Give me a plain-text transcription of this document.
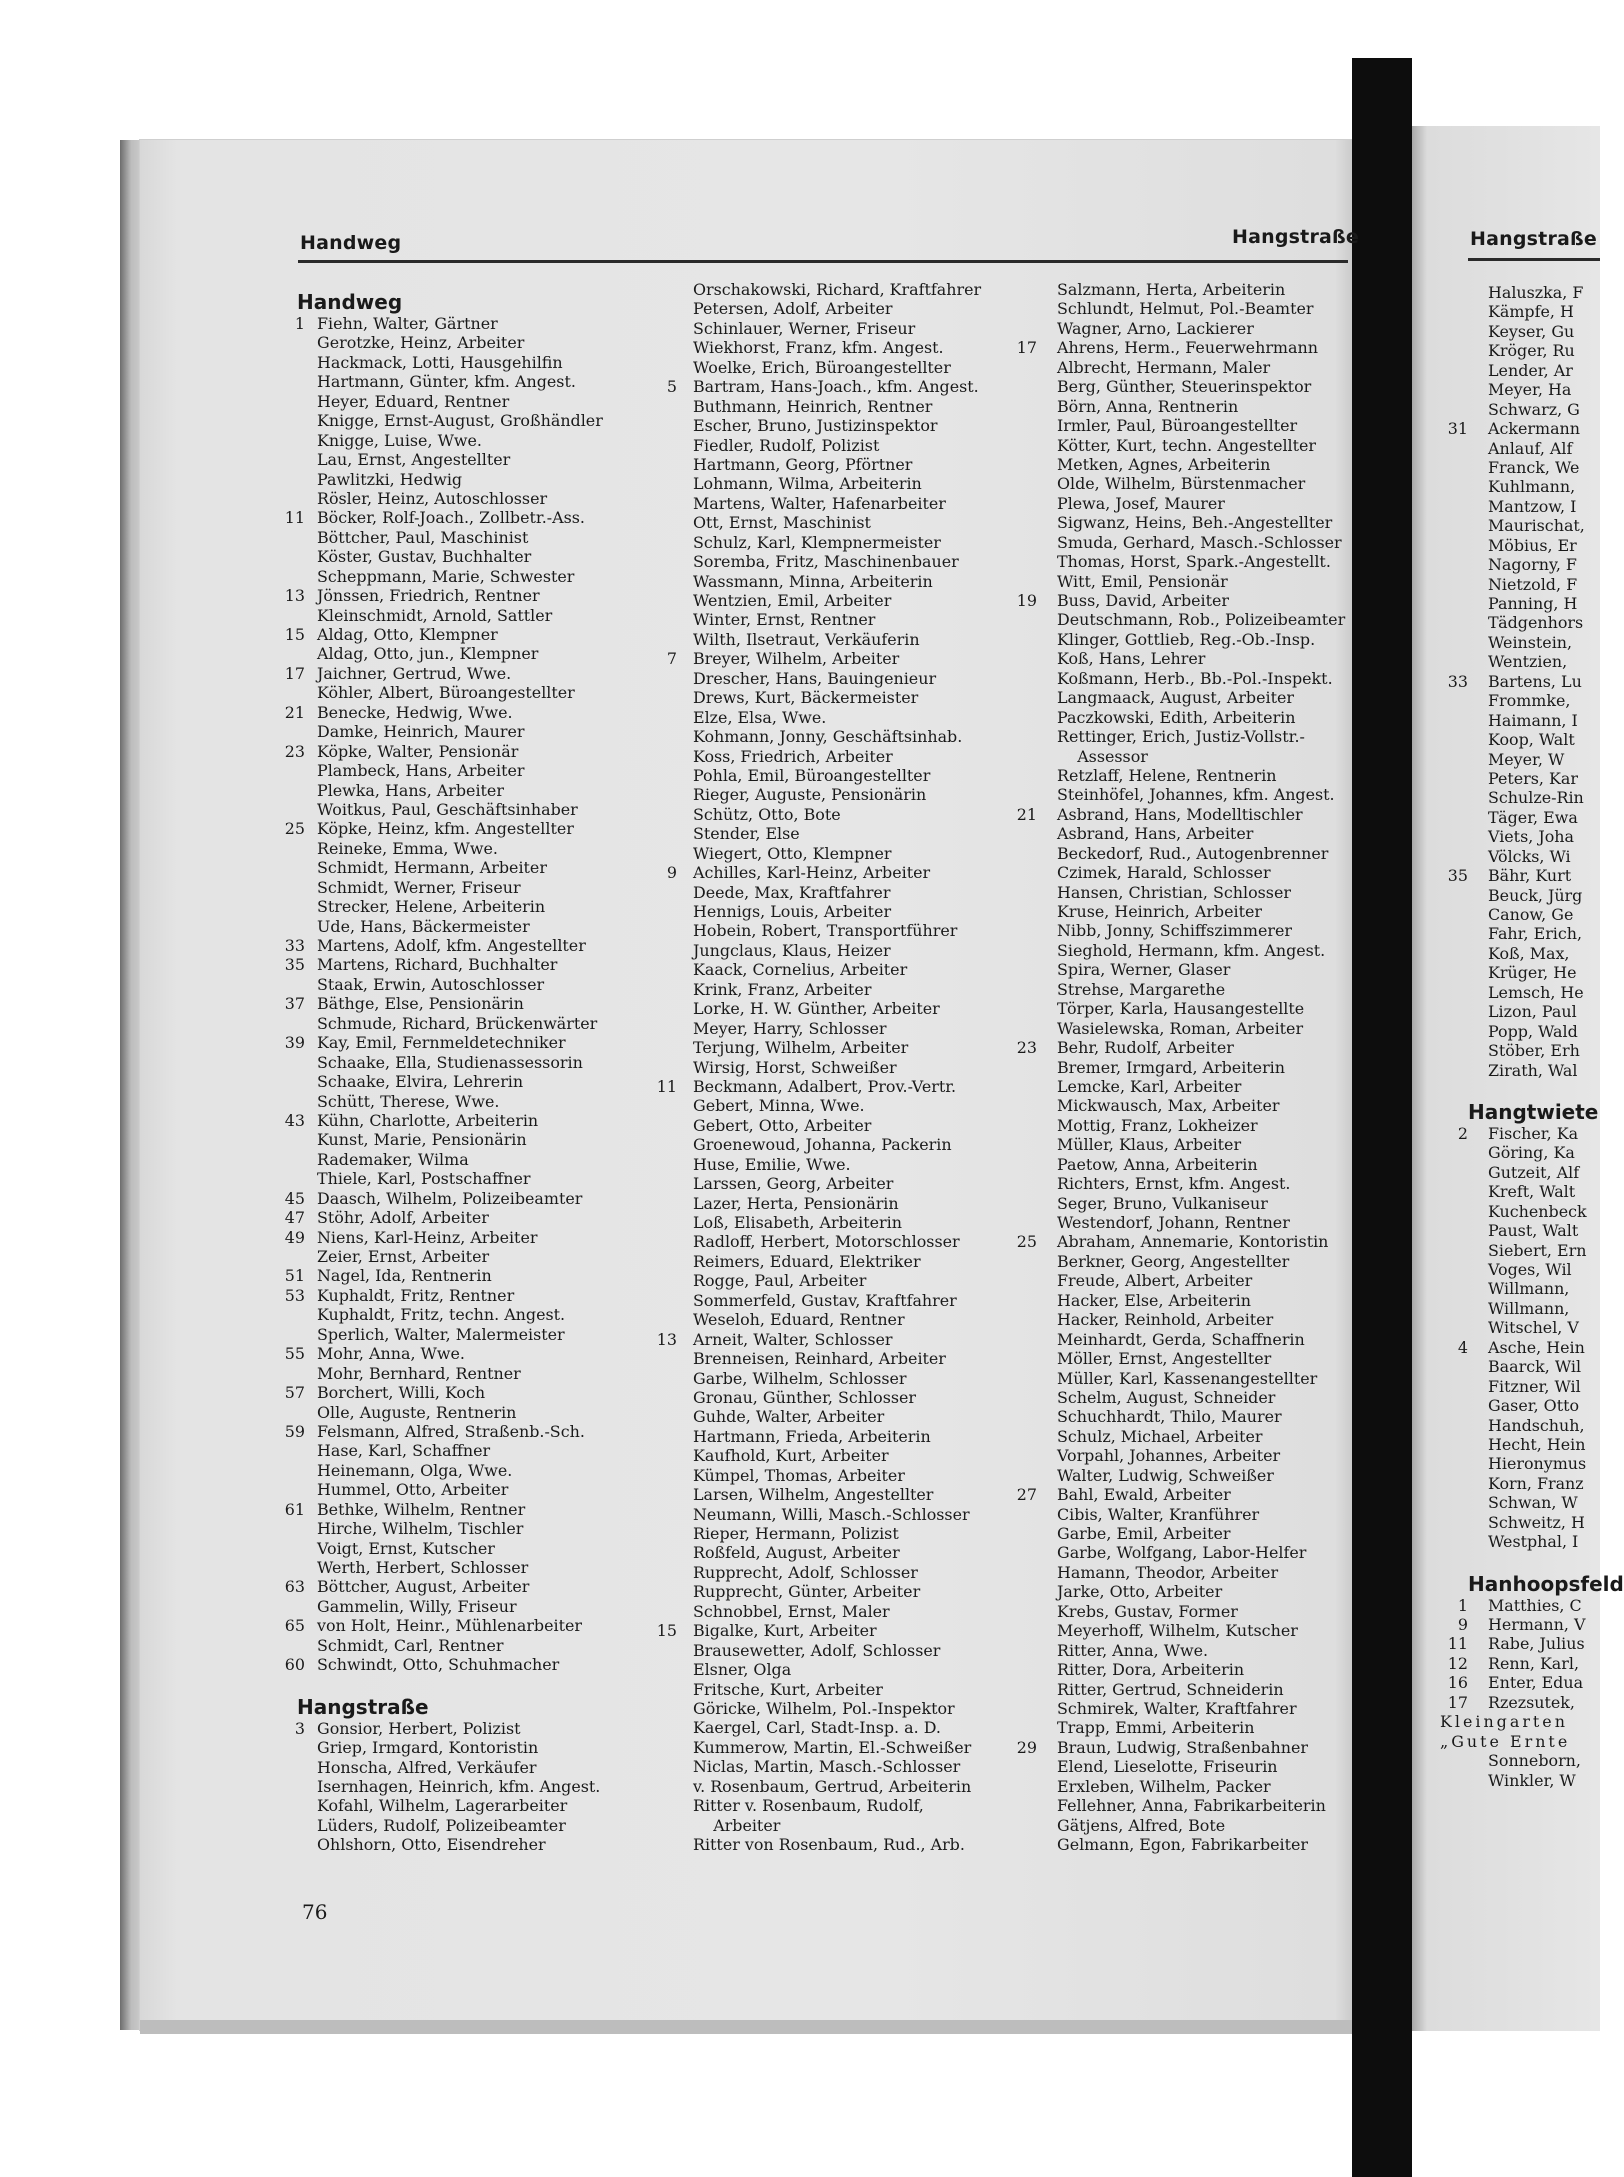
Handweg	Hangstraße	Hangstraße
Handweg
1 Fiehn, Walter, Gärtner
Gerotzke, Heinz, Arbeiter
Hackmack, Lotti, Hausgehilfin
Hartmann, Günter, kfm. Angest.
Heyer, Eduard, Rentner
Knigge, Ernst-August, Großhändler
Knigge, Luise, Wwe.
Lau, Ernst, Angestellter
Pawlitzki, Hedwig
Rösler, Heinz, Autoschlosser
11 Böcker, Rolf-Joach., Zollbetr.-Ass.
Böttcher, Paul, Maschinist
Köster, Gustav, Buchhalter
Scheppmann, Marie, Schwester
13 Jönssen, Friedrich, Rentner
Kleinschmidt, Arnold, Sattler
15 Aldag, Otto, Klempner
Aldag, Otto, jun., Klempner
17 Jaichner, Gertrud, Wwe.
Köhler, Albert, Büroangestellter
21 Benecke, Hedwig, Wwe.
Damke, Heinrich, Maurer
23 Köpke, Walter, Pensionär
Plambeck, Hans, Arbeiter
Plewka, Hans, Arbeiter
Woitkus, Paul, Geschäftsinhaber
25 Köpke, Heinz, kfm. Angestellter
Reineke, Emma, Wwe.
Schmidt, Hermann, Arbeiter
Schmidt, Werner, Friseur
Strecker, Helene, Arbeiterin
Ude, Hans, Bäckermeister
33 Martens, Adolf, kfm. Angestellter
35 Martens, Richard, Buchhalter
Staak, Erwin, Autoschlosser
37 Bäthge, Else, Pensionärin
Schmude, Richard, Brückenwärter
39 Kay, Emil, Fernmeldetechniker
Schaake, Ella, Studienassessorin
Schaake, Elvira, Lehrerin
Schütt, Therese, Wwe.
43 Kühn, Charlotte, Arbeiterin
Kunst, Marie, Pensionärin
Rademaker, Wilma
Thiele, Karl, Postschaffner
45 Daasch, Wilhelm, Polizeibeamter
47 Stöhr, Adolf, Arbeiter
49 Niens, Karl-Heinz, Arbeiter
Zeier, Ernst, Arbeiter
51 Nagel, Ida, Rentnerin
53 Kuphaldt, Fritz, Rentner
Kuphaldt, Fritz, techn. Angest.
Sperlich, Walter, Malermeister
55 Mohr, Anna, Wwe.
Mohr, Bernhard, Rentner
57 Borchert, Willi, Koch
Olle, Auguste, Rentnerin
59 Felsmann, Alfred, Straßenb.-Sch.
Hase, Karl, Schaffner
Heinemann, Olga, Wwe.
Hummel, Otto, Arbeiter
61 Bethke, Wilhelm, Rentner
Hirche, Wilhelm, Tischler
Voigt, Ernst, Kutscher
Werth, Herbert, Schlosser
63 Böttcher, August, Arbeiter
Gammelin, Willy, Friseur
65 von Holt, Heinr., Mühlenarbeiter
Schmidt, Carl, Rentner
60 Schwindt, Otto, Schuhmacher
Hangstraße
3 Gonsior, Herbert, Polizist
Griep, Irmgard, Kontoristin
Honscha, Alfred, Verkäufer
Isernhagen, Heinrich, kfm. Angest.
Kofahl, Wilhelm, Lagerarbeiter
Lüders, Rudolf, Polizeibeamter
Ohlshorn, Otto, Eisendreher
Orschakowski, Richard, Kraftfahrer
Petersen, Adolf, Arbeiter
Schinlauer, Werner, Friseur
Wiekhorst, Franz, kfm. Angest.
Woelke, Erich, Büroangestellter
5 Bartram, Hans-Joach., kfm. Angest.
Buthmann, Heinrich, Rentner
Escher, Bruno, Justizinspektor
Fiedler, Rudolf, Polizist
Hartmann, Georg, Pförtner
Lohmann, Wilma, Arbeiterin
Martens, Walter, Hafenarbeiter
Ott, Ernst, Maschinist
Schulz, Karl, Klempnermeister
Soremba, Fritz, Maschinenbauer
Wassmann, Minna, Arbeiterin
Wentzien, Emil, Arbeiter
Winter, Ernst, Rentner
Wilth, Ilsetraut, Verkäuferin
7 Breyer, Wilhelm, Arbeiter
Drescher, Hans, Bauingenieur
Drews, Kurt, Bäckermeister
Elze, Elsa, Wwe.
Kohmann, Jonny, Geschäftsinhab.
Koss, Friedrich, Arbeiter
Pohla, Emil, Büroangestellter
Rieger, Auguste, Pensionärin
Schütz, Otto, Bote
Stender, Else
Wiegert, Otto, Klempner
9 Achilles, Karl-Heinz, Arbeiter
Deede, Max, Kraftfahrer
Hennigs, Louis, Arbeiter
Hobein, Robert, Transportführer
Jungclaus, Klaus, Heizer
Kaack, Cornelius, Arbeiter
Krink, Franz, Arbeiter
Lorke, H. W. Günther, Arbeiter
Meyer, Harry, Schlosser
Terjung, Wilhelm, Arbeiter
Wirsig, Horst, Schweißer
11 Beckmann, Adalbert, Prov.-Vertr.
Gebert, Minna, Wwe.
Gebert, Otto, Arbeiter
Groenewoud, Johanna, Packerin
Huse, Emilie, Wwe.
Larssen, Georg, Arbeiter
Lazer, Herta, Pensionärin
Loß, Elisabeth, Arbeiterin
Radloff, Herbert, Motorschlosser
Reimers, Eduard, Elektriker
Rogge, Paul, Arbeiter
Sommerfeld, Gustav, Kraftfahrer
Weseloh, Eduard, Rentner
13 Arneit, Walter, Schlosser
Brenneisen, Reinhard, Arbeiter
Garbe, Wilhelm, Schlosser
Gronau, Günther, Schlosser
Guhde, Walter, Arbeiter
Hartmann, Frieda, Arbeiterin
Kaufhold, Kurt, Arbeiter
Kümpel, Thomas, Arbeiter
Larsen, Wilhelm, Angestellter
Neumann, Willi, Masch.-Schlosser
Rieper, Hermann, Polizist
Roßfeld, August, Arbeiter
Rupprecht, Adolf, Schlosser
Rupprecht, Günter, Arbeiter
Schnobbel, Ernst, Maler
15 Bigalke, Kurt, Arbeiter
Brausewetter, Adolf, Schlosser
Elsner, Olga
Fritsche, Kurt, Arbeiter
Göricke, Wilhelm, Pol.-Inspektor
Kaergel, Carl, Stadt-Insp. a. D.
Kummerow, Martin, El.-Schweißer
Niclas, Martin, Masch.-Schlosser
v. Rosenbaum, Gertrud, Arbeiterin
Ritter v. Rosenbaum, Rudolf,
Arbeiter
Ritter von Rosenbaum, Rud., Arb.
Salzmann, Herta, Arbeiterin
Schlundt, Helmut, Pol.-Beamter
Wagner, Arno, Lackierer
17 Ahrens, Herm., Feuerwehrmann
Albrecht, Hermann, Maler
Berg, Günther, Steuerinspektor
Börn, Anna, Rentnerin
Irmler, Paul, Büroangestellter
Kötter, Kurt, techn. Angestellter
Metken, Agnes, Arbeiterin
Olde, Wilhelm, Bürstenmacher
Plewa, Josef, Maurer
Sigwanz, Heins, Beh.-Angestellter
Smuda, Gerhard, Masch.-Schlosser
Thomas, Horst, Spark.-Angestellt.
Witt, Emil, Pensionär
19 Buss, David, Arbeiter
Deutschmann, Rob., Polizeibeamter
Klinger, Gottlieb, Reg.-Ob.-Insp.
Koß, Hans, Lehrer
Koßmann, Herb., Bb.-Pol.-Inspekt.
Langmaack, August, Arbeiter
Paczkowski, Edith, Arbeiterin
Rettinger, Erich, Justiz-Vollstr.-
Assessor
Retzlaff, Helene, Rentnerin
Steinhöfel, Johannes, kfm. Angest.
21 Asbrand, Hans, Modelltischler
Asbrand, Hans, Arbeiter
Beckedorf, Rud., Autogenbrenner
Czimek, Harald, Schlosser
Hansen, Christian, Schlosser
Kruse, Heinrich, Arbeiter
Nibb, Jonny, Schiffszimmerer
Sieghold, Hermann, kfm. Angest.
Spira, Werner, Glaser
Strehse, Margarethe
Törper, Karla, Hausangestellte
Wasielewska, Roman, Arbeiter
23 Behr, Rudolf, Arbeiter
Bremer, Irmgard, Arbeiterin
Lemcke, Karl, Arbeiter
Mickwausch, Max, Arbeiter
Mottig, Franz, Lokheizer
Müller, Klaus, Arbeiter
Paetow, Anna, Arbeiterin
Richters, Ernst, kfm. Angest.
Seger, Bruno, Vulkaniseur
Westendorf, Johann, Rentner
25 Abraham, Annemarie, Kontoristin
Berkner, Georg, Angestellter
Freude, Albert, Arbeiter
Hacker, Else, Arbeiterin
Hacker, Reinhold, Arbeiter
Meinhardt, Gerda, Schaffnerin
Möller, Ernst, Angestellter
Müller, Karl, Kassenangestellter
Schelm, August, Schneider
Schuchhardt, Thilo, Maurer
Schulz, Michael, Arbeiter
Vorpahl, Johannes, Arbeiter
Walter, Ludwig, Schweißer
27 Bahl, Ewald, Arbeiter
Cibis, Walter, Kranführer
Garbe, Emil, Arbeiter
Garbe, Wolfgang, Labor-Helfer
Hamann, Theodor, Arbeiter
Jarke, Otto, Arbeiter
Krebs, Gustav, Former
Meyerhoff, Wilhelm, Kutscher
Ritter, Anna, Wwe.
Ritter, Dora, Arbeiterin
Ritter, Gertrud, Schneiderin
Schmirek, Walter, Kraftfahrer
Trapp, Emmi, Arbeiterin
29 Braun, Ludwig, Straßenbahner
Elend, Lieselotte, Friseurin
Erxleben, Wilhelm, Packer
Fellehner, Anna, Fabrikarbeiterin
Gätjens, Alfred, Bote
Gelmann, Egon, Fabrikarbeiter
Haluszka, F
Kämpfe, H
Keyser, Gu
Kröger, Ru
Lender, Ar
Meyer, Ha
Schwarz, G
31 Ackermann
Anlauf, Alf
Franck, We
Kuhlmann,
Mantzow, I
Maurischat,
Möbius, Er
Nagorny, F
Nietzold, F
Panning, H
Tädgenhors
Weinstein,
Wentzien,
33 Bartens, Lu
Frommke,
Haimann, I
Koop, Walt
Meyer, W
Peters, Kar
Schulze-Rin
Täger, Ewa
Viets, Joha
Völcks, Wi
35 Bähr, Kurt
Beuck, Jürg
Canow, Ge
Fahr, Erich,
Koß, Max,
Krüger, He
Lemsch, He
Lizon, Paul
Popp, Wald
Stöber, Erh
Zirath, Wal
Hangtwiete
2 Fischer, Ka
Göring, Ka
Gutzeit, Alf
Kreft, Walt
Kuchenbeck
Paust, Walt
Siebert, Ern
Voges, Wil
Willmann,
Willmann,
Witschel, V
4 Asche, Hein
Baarck, Wil
Fitzner, Wil
Gaser, Otto
Handschuh,
Hecht, Hein
Hieronymus
Korn, Franz
Schwan, W
Schweitz, H
Westphal, I
Hanhoopsfeld
1 Matthies, C
9 Hermann, V
11 Rabe, Julius
12 Renn, Karl,
16 Enter, Edua
17 Rzezsutek,
Kleingarten
„Gute Ernte
Sonneborn,
Winkler, W
76
